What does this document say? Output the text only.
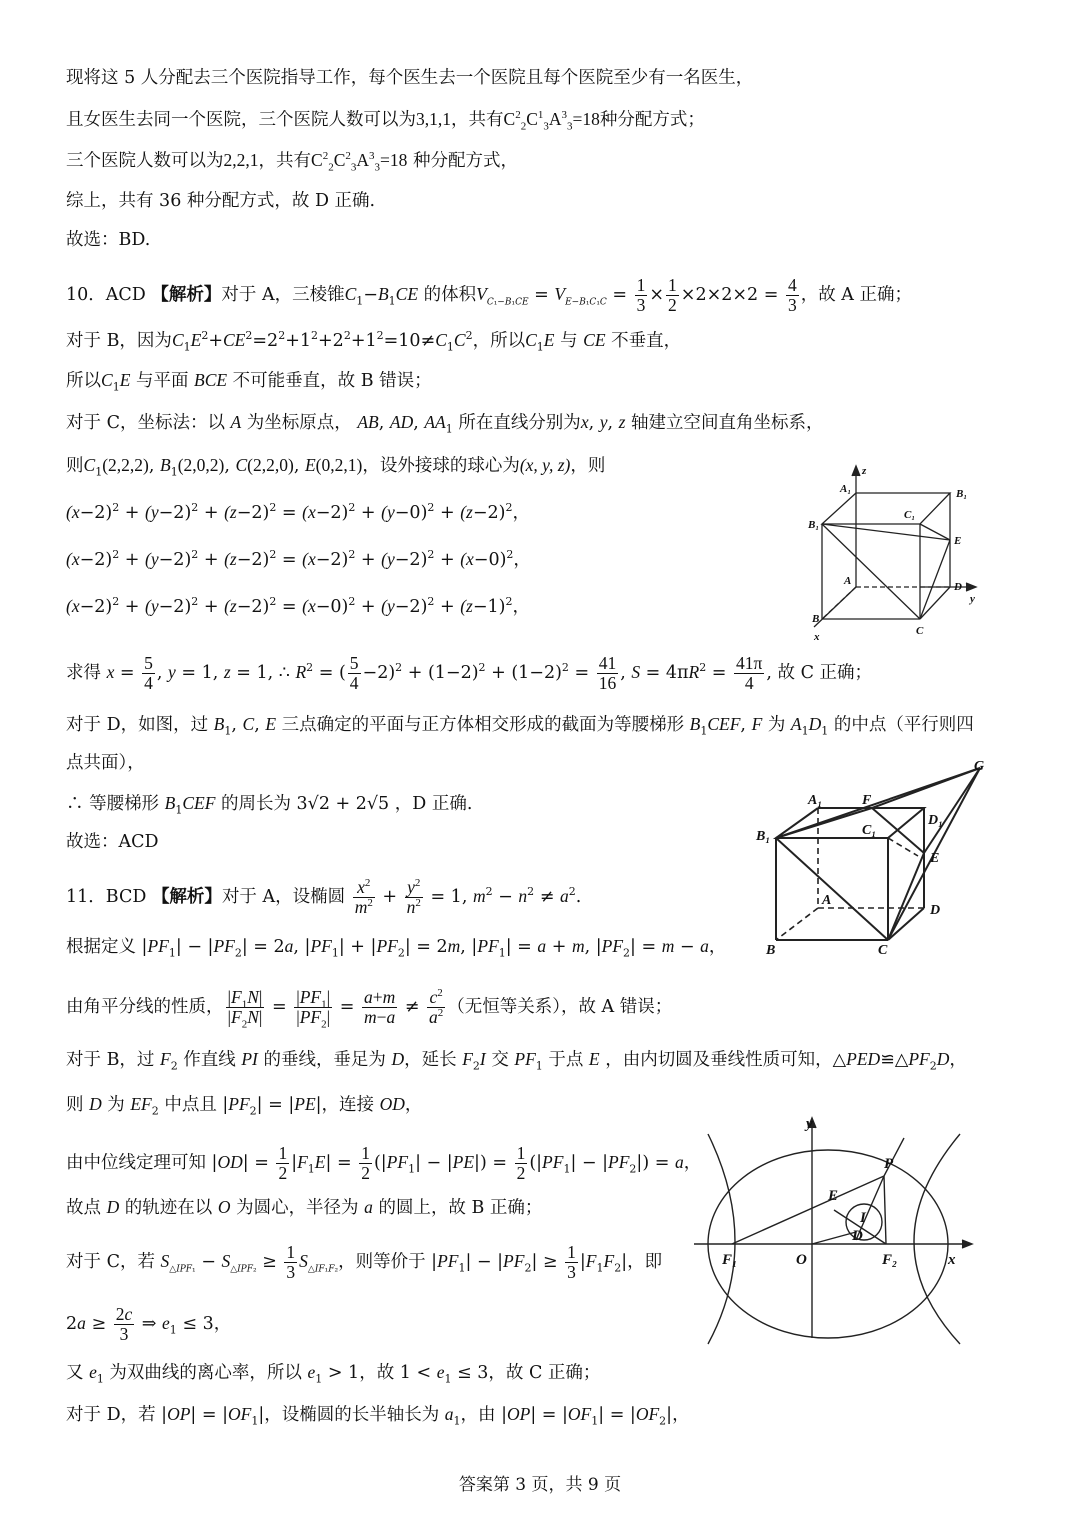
现将这 5 人分配去三个医院指导工作，每个医生去一个医院且每个医院至少有一名医生，
且女医生去同一个医院，三个医院人数可以为3,1,1，共有$C^2_2C^1_3A^3_3=18$种分配方式；
三个医院人数可以为2,2,1，共有$C^2_2C^2_3A^3_3=18$ 种分配方式，
综上，共有 36 种分配方式，故 D 正确.
故选：BD.
10．ACD 【解析】对于 A，三棱锥$C_1-B_1CE$ 的体积$V_{C_1-B_1CE} = V_{E-B_1C_1C} = \frac{1}{3} \times \frac{1}{2} \times 2\times 2\times 2 = \frac{4}{3}$ ，故 A 正确；
对于 B，因为$C_1E^2+CE^2=2^2+1^2+2^2+1^2=10\ne C_1C^2$，所以$C_1E$ 与 CE 不垂直，
所以$C_1E$ 与平面 BCE 不可能垂直，故 B 错误；
对于 C，坐标法：以 A 为坐标原点， AB, AD, $AA_1$ 所在直线分别为x, y, z 轴建立空间直角坐标系，
则$C_1(2,2,2)$, $B_1(2,0,2)$, C(2,2,0), E(0,2,1)，设外接球的球心为(x, y, z)，则
$(x-2)^2 + (y-2)^2 + (z-2)^2 = (x-2)^2 + (y-0)^2 + (z-2)^2$，
$(x-2)^2 + (y-2)^2 + (z-2)^2 = (x-2)^2 + (y-2)^2 + (x-0)^2$，
$(x-2)^2 + (y-2)^2 + (z-2)^2 = (x-0)^2 + (y-2)^2 + (z-1)^2$，
求得 $x = \frac{5}{4}$ , y = 1, z = 1, ∴ $R^2$ = ( $\frac{5}{4} -2)^2 + (1-2)^2 + (1-2)^2 = \frac{41}{16}$ , $S = 4\pi R^2 = \frac{41\pi}{4}$ , 故 C 正确；
对于 D，如图，过 $B_1$, C, E 三点确定的平面与正方体相交形成的截面为等腰梯形 $B_1CEF$, F 为 $A_1D_1$ 的中点（平行则四
点共面），
∴ 等腰梯形 $B_1CEF$ 的周长为 3√2 + 2√5 ，D 正确.
故选：ACD
11．BCD 【解析】对于 A，设椭圆 $\frac{x^2}{m^2} + \frac{y^2}{n^2} = 1$, $m^2 - n^2 \ne a^2$.
根据定义 $|PF_1| - |PF_2| = 2a$, $|PF_1| + |PF_2| = 2m$, $|PF_1| = a + m$, $|PF_2| = m - a$，
由角平分线的性质， $\frac{|F_1N|}{|F_2N|} = \frac{|PF_1|}{|PF_2|} = \frac{a+m}{m-a} \ne \frac{c^2}{a^2}$ （无恒等关系），故 A 错误；
对于 B，过 $F_2$ 作直线 PI 的垂线，垂足为 D，延长 $F_2I$ 交 $PF_1$ 于点 E ，由内切圆及垂线性质可知，$\triangle PED≌\triangle PF_2D$，
则 D 为 $EF_2$ 中点且 $|PF_2| = |PE|$，连接 OD，
由中位线定理可知 $|OD| = \frac{1}{2} |F_1E| = \frac{1}{2} (|PF_1| - |PE|) = \frac{1}{2} (|PF_1| - |PF_2|) = a$，
故点 D 的轨迹在以 O 为圆心，半径为 a 的圆上，故 B 正确；
对于 C，若 $S_{\triangle IPF_1} - S_{\triangle IPF_2} \ge \frac{1}{3} S_{\triangle IF_1F_2}$，则等价于 $|PF_1| - |PF_2| \ge \frac{1}{3} |F_1F_2|$，即
$2a \ge \frac{2c}{3}$ ⇒ $e_1 \le 3$，
又 $e_1$ 为双曲线的离心率，所以 $e_1 > 1$，故 $1 < e_1 \le 3$，故 C 正确；
对于 D，若 $|OP| = |OF_1|$，设椭圆的长半轴长为 $a_1$，由 $|OP| = |OF_1| = |OF_2|$，
z
A₁	B₁
B₁
C₁
E
A	D
y
B
C
x
G
A₁	F
B₁	C₁
D₁
E
A
D
B	C
y
P
E
I
D
F₁	O	F₂	x
答案第 3 页，共 9 页
